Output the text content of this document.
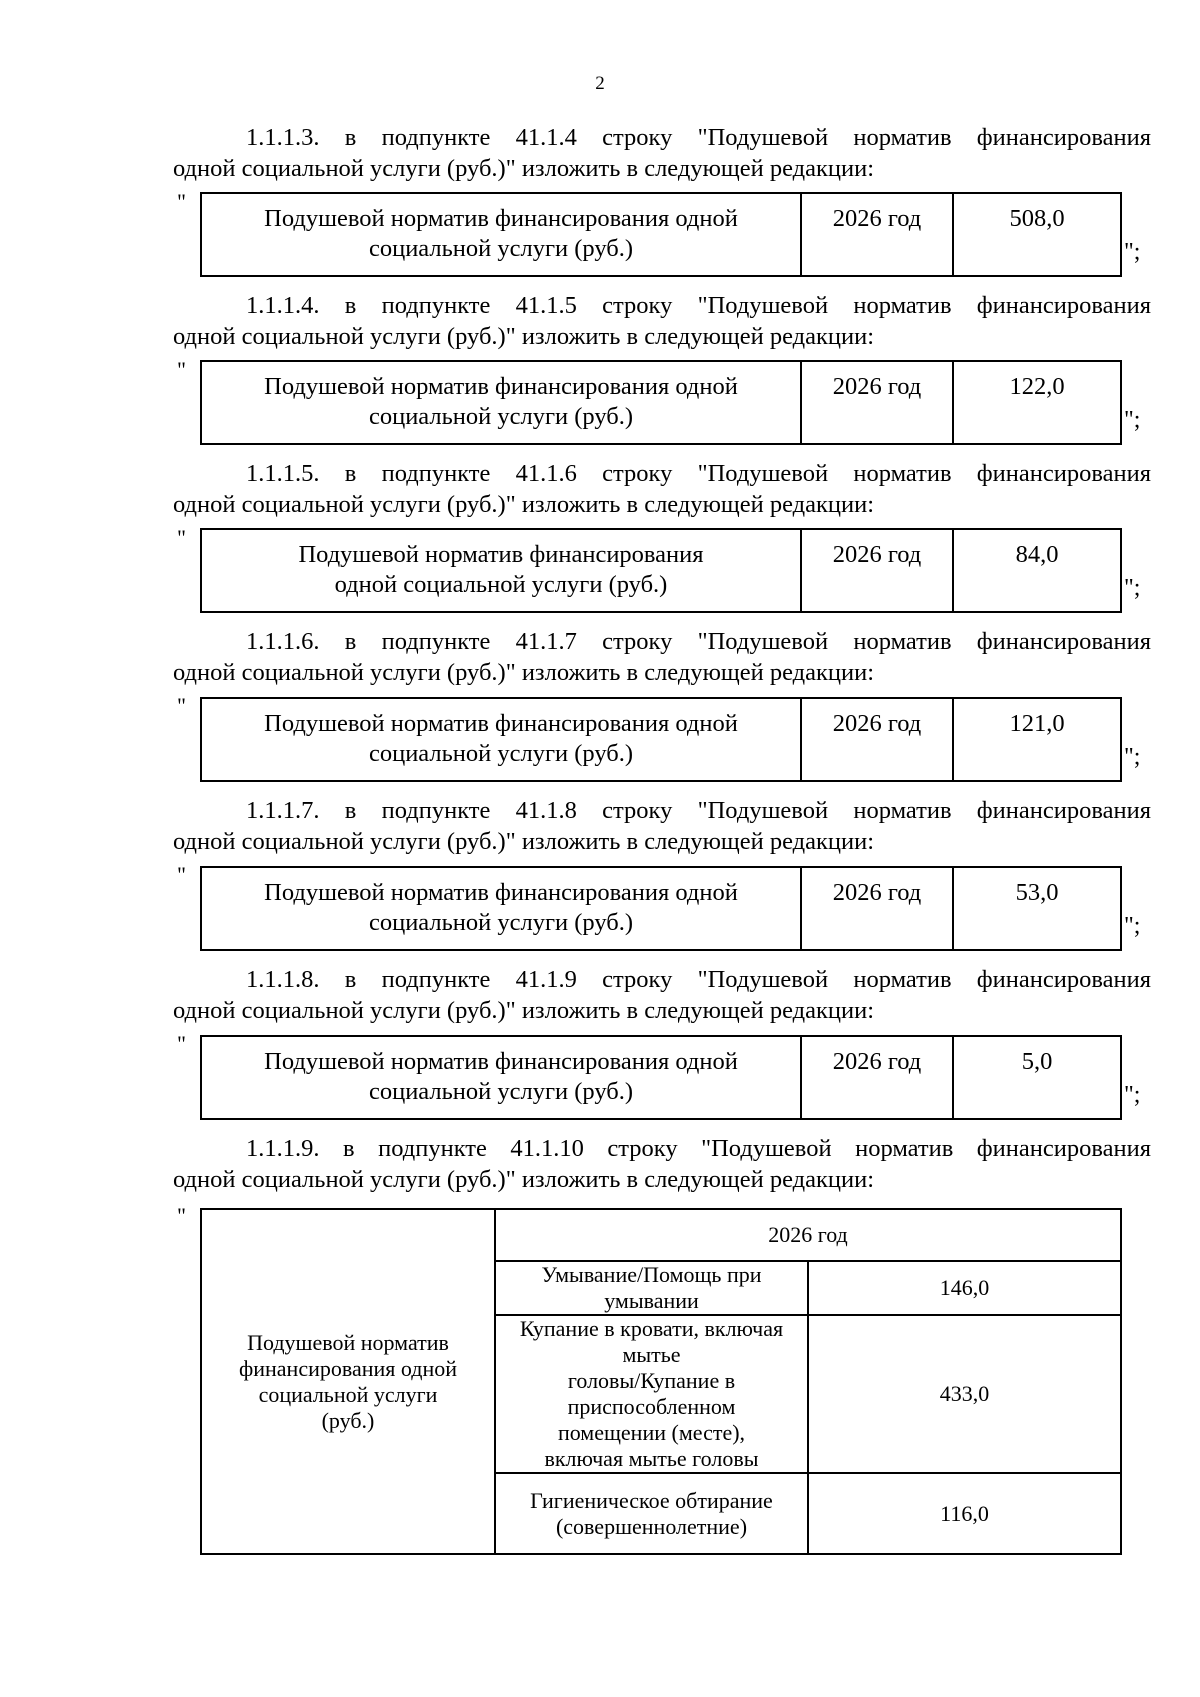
2

1.1.1.3. в подпункте 41.1.4 строку "Подушевой норматив финансирования
одной социальной услуги (руб.)" изложить в следующей редакции:

"
Подушевой норматив финансирования одной
социальной услуги (руб.)

2026 год	508,0
";

1.1.1.4. в подпункте 41.1.5 строку "Подушевой норматив финансирования
одной социальной услуги (руб.)" изложить в следующей редакции:

"
Подушевой норматив финансирования одной
социальной услуги (руб.)

2026 год	122,0
";

1.1.1.5. в подпункте 41.1.6 строку "Подушевой норматив финансирования
одной социальной услуги (руб.)" изложить в следующей редакции:

"
Подушевой норматив финансирования
одной социальной услуги (руб.)

2026 год	84,0
";

1.1.1.6. в подпункте 41.1.7 строку "Подушевой норматив финансирования
одной социальной услуги (руб.)" изложить в следующей редакции:

"
Подушевой норматив финансирования одной
социальной услуги (руб.)

2026 год	121,0
";

1.1.1.7. в подпункте 41.1.8 строку "Подушевой норматив финансирования
одной социальной услуги (руб.)" изложить в следующей редакции:

"
Подушевой норматив финансирования одной
социальной услуги (руб.)

2026 год	53,0
";

1.1.1.8. в подпункте 41.1.9 строку "Подушевой норматив финансирования
одной социальной услуги (руб.)" изложить в следующей редакции:

"
Подушевой норматив финансирования одной
социальной услуги (руб.)

2026 год	5,0
";

1.1.1.9. в подпункте 41.1.10 строку "Подушевой норматив финансирования
одной социальной услуги (руб.)" изложить в следующей редакции:

"
Подушевой норматив
финансирования одной
социальной услуги
(руб.)	2026 год	
	Умывание/Помощь при умывании	146,0
	Купание в кровати, включая мытье
головы/Купание в приспособленном
помещении (месте),
включая мытье головы	433,0
	Гигиеническое обтирание
(совершеннолетние)	116,0
